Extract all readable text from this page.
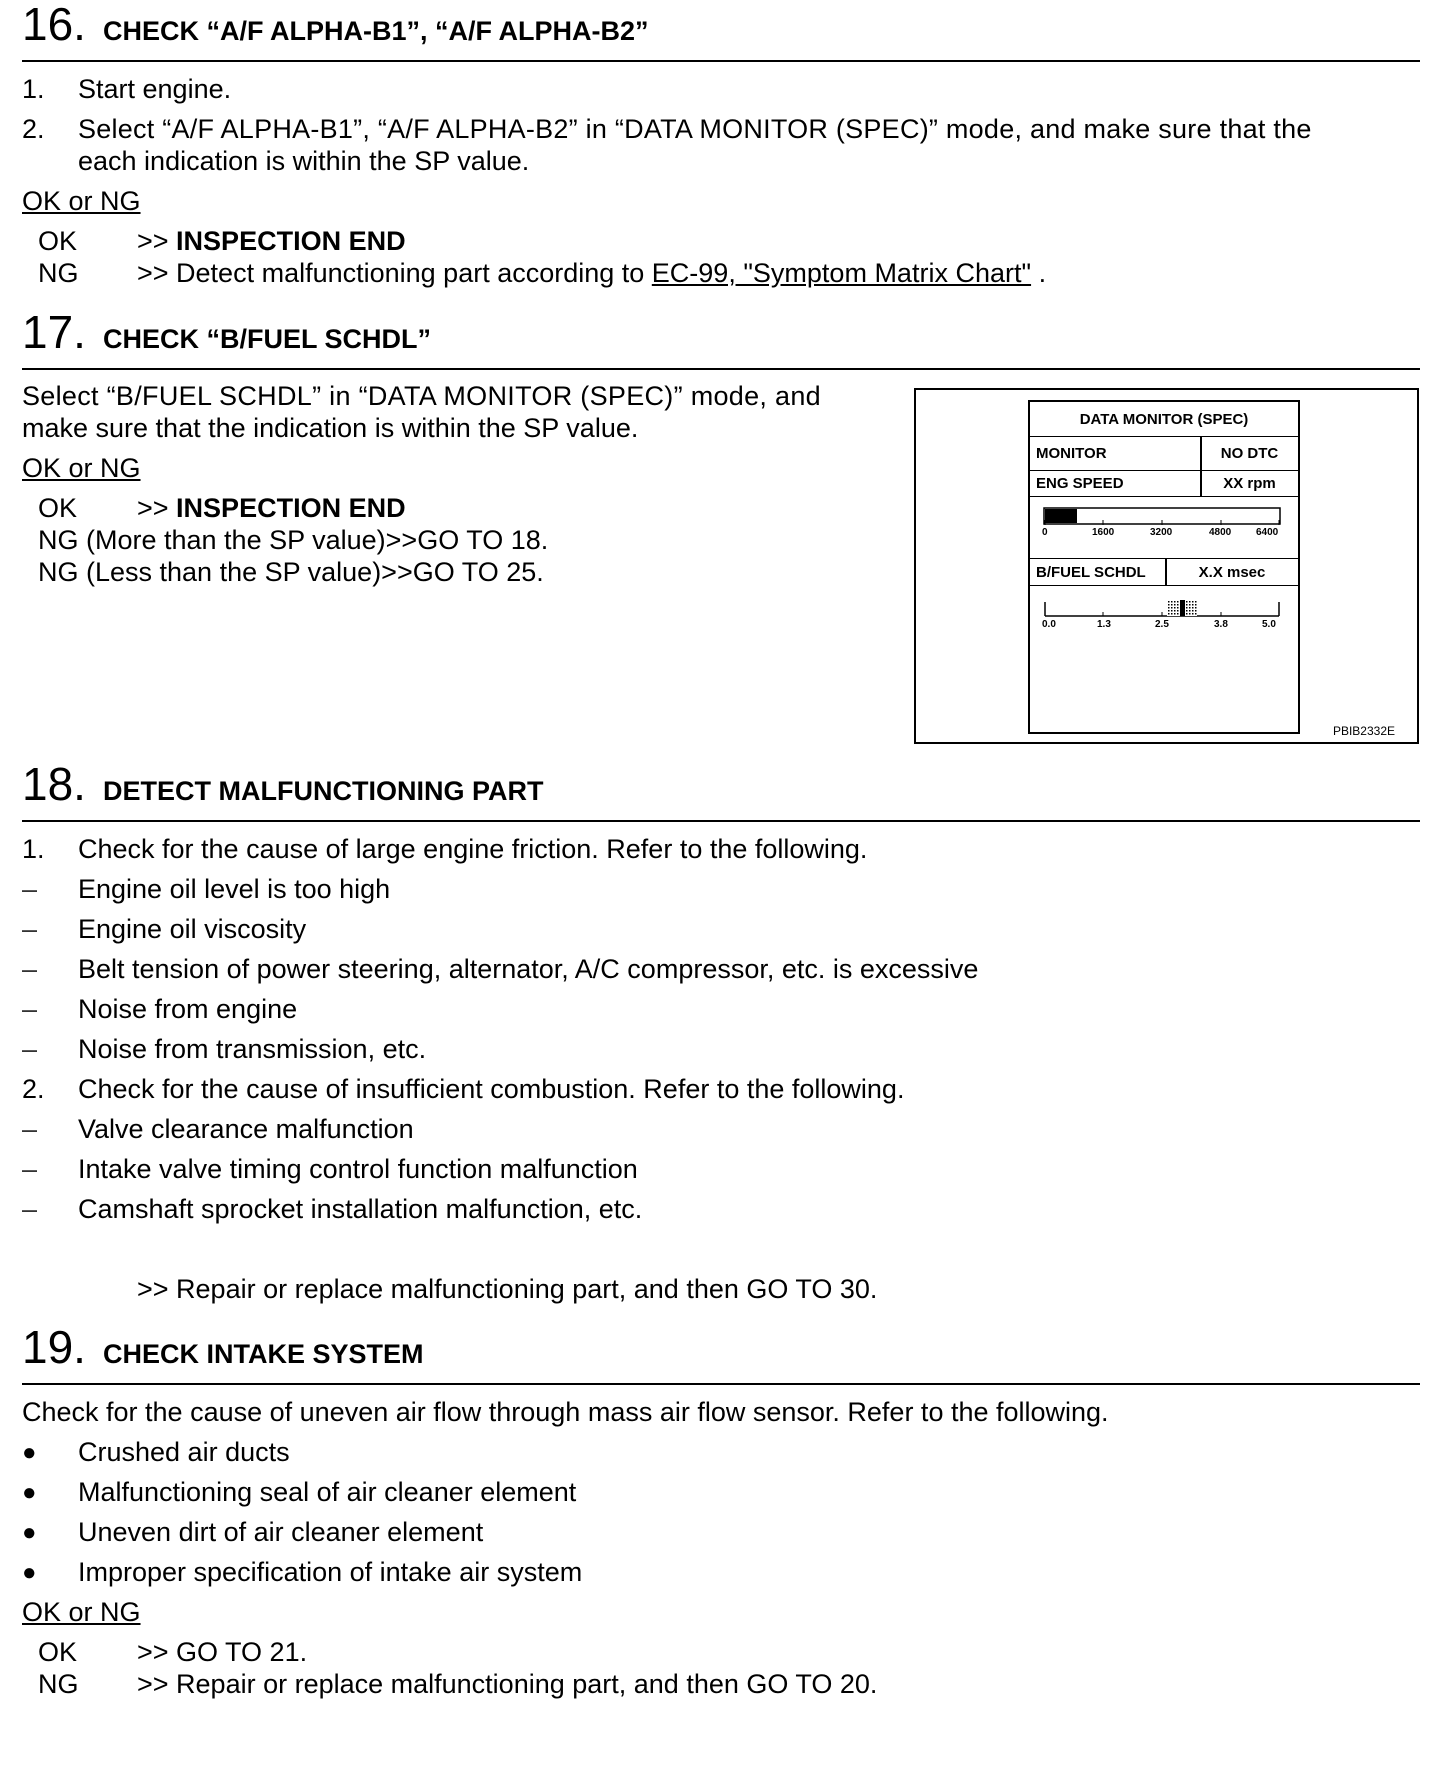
16. CHECK “A/F ALPHA-B1”, “A/F ALPHA-B2”
1. Start engine.
2. Select “A/F ALPHA-B1”, “A/F ALPHA-B2” in “DATA MONITOR (SPEC)” mode, and make sure that the
each indication is within the SP value.
OK or NG
OK >> INSPECTION END
NG >> Detect malfunctioning part according to EC-99, "Symptom Matrix Chart" .
17. CHECK “B/FUEL SCHDL”
Select “B/FUEL SCHDL” in “DATA MONITOR (SPEC)” mode, and
make sure that the indication is within the SP value.
OK or NG
OK >> INSPECTION END
NG (More than the SP value)>>GO TO 18.
NG (Less than the SP value)>>GO TO 25.
DATA MONITOR (SPEC)
MONITOR	NO DTC
ENG SPEED	XX rpm
0	1600	3200	4800 6400
B/FUEL SCHDL	X.X msec
0.0	1.3	2.5	3.8	5.0
PBIB2332E
18. DETECT MALFUNCTIONING PART
1. Check for the cause of large engine friction. Refer to the following.
– Engine oil level is too high
– Engine oil viscosity
– Belt tension of power steering, alternator, A/C compressor, etc. is excessive
– Noise from engine
– Noise from transmission, etc.
2. Check for the cause of insufficient combustion. Refer to the following.
– Valve clearance malfunction
– Intake valve timing control function malfunction
– Camshaft sprocket installation malfunction, etc.
>> Repair or replace malfunctioning part, and then GO TO 30.
19. CHECK INTAKE SYSTEM
Check for the cause of uneven air flow through mass air flow sensor. Refer to the following.
● Crushed air ducts
● Malfunctioning seal of air cleaner element
● Uneven dirt of air cleaner element
● Improper specification of intake air system
OK or NG
OK >> GO TO 21.
NG >> Repair or replace malfunctioning part, and then GO TO 20.
